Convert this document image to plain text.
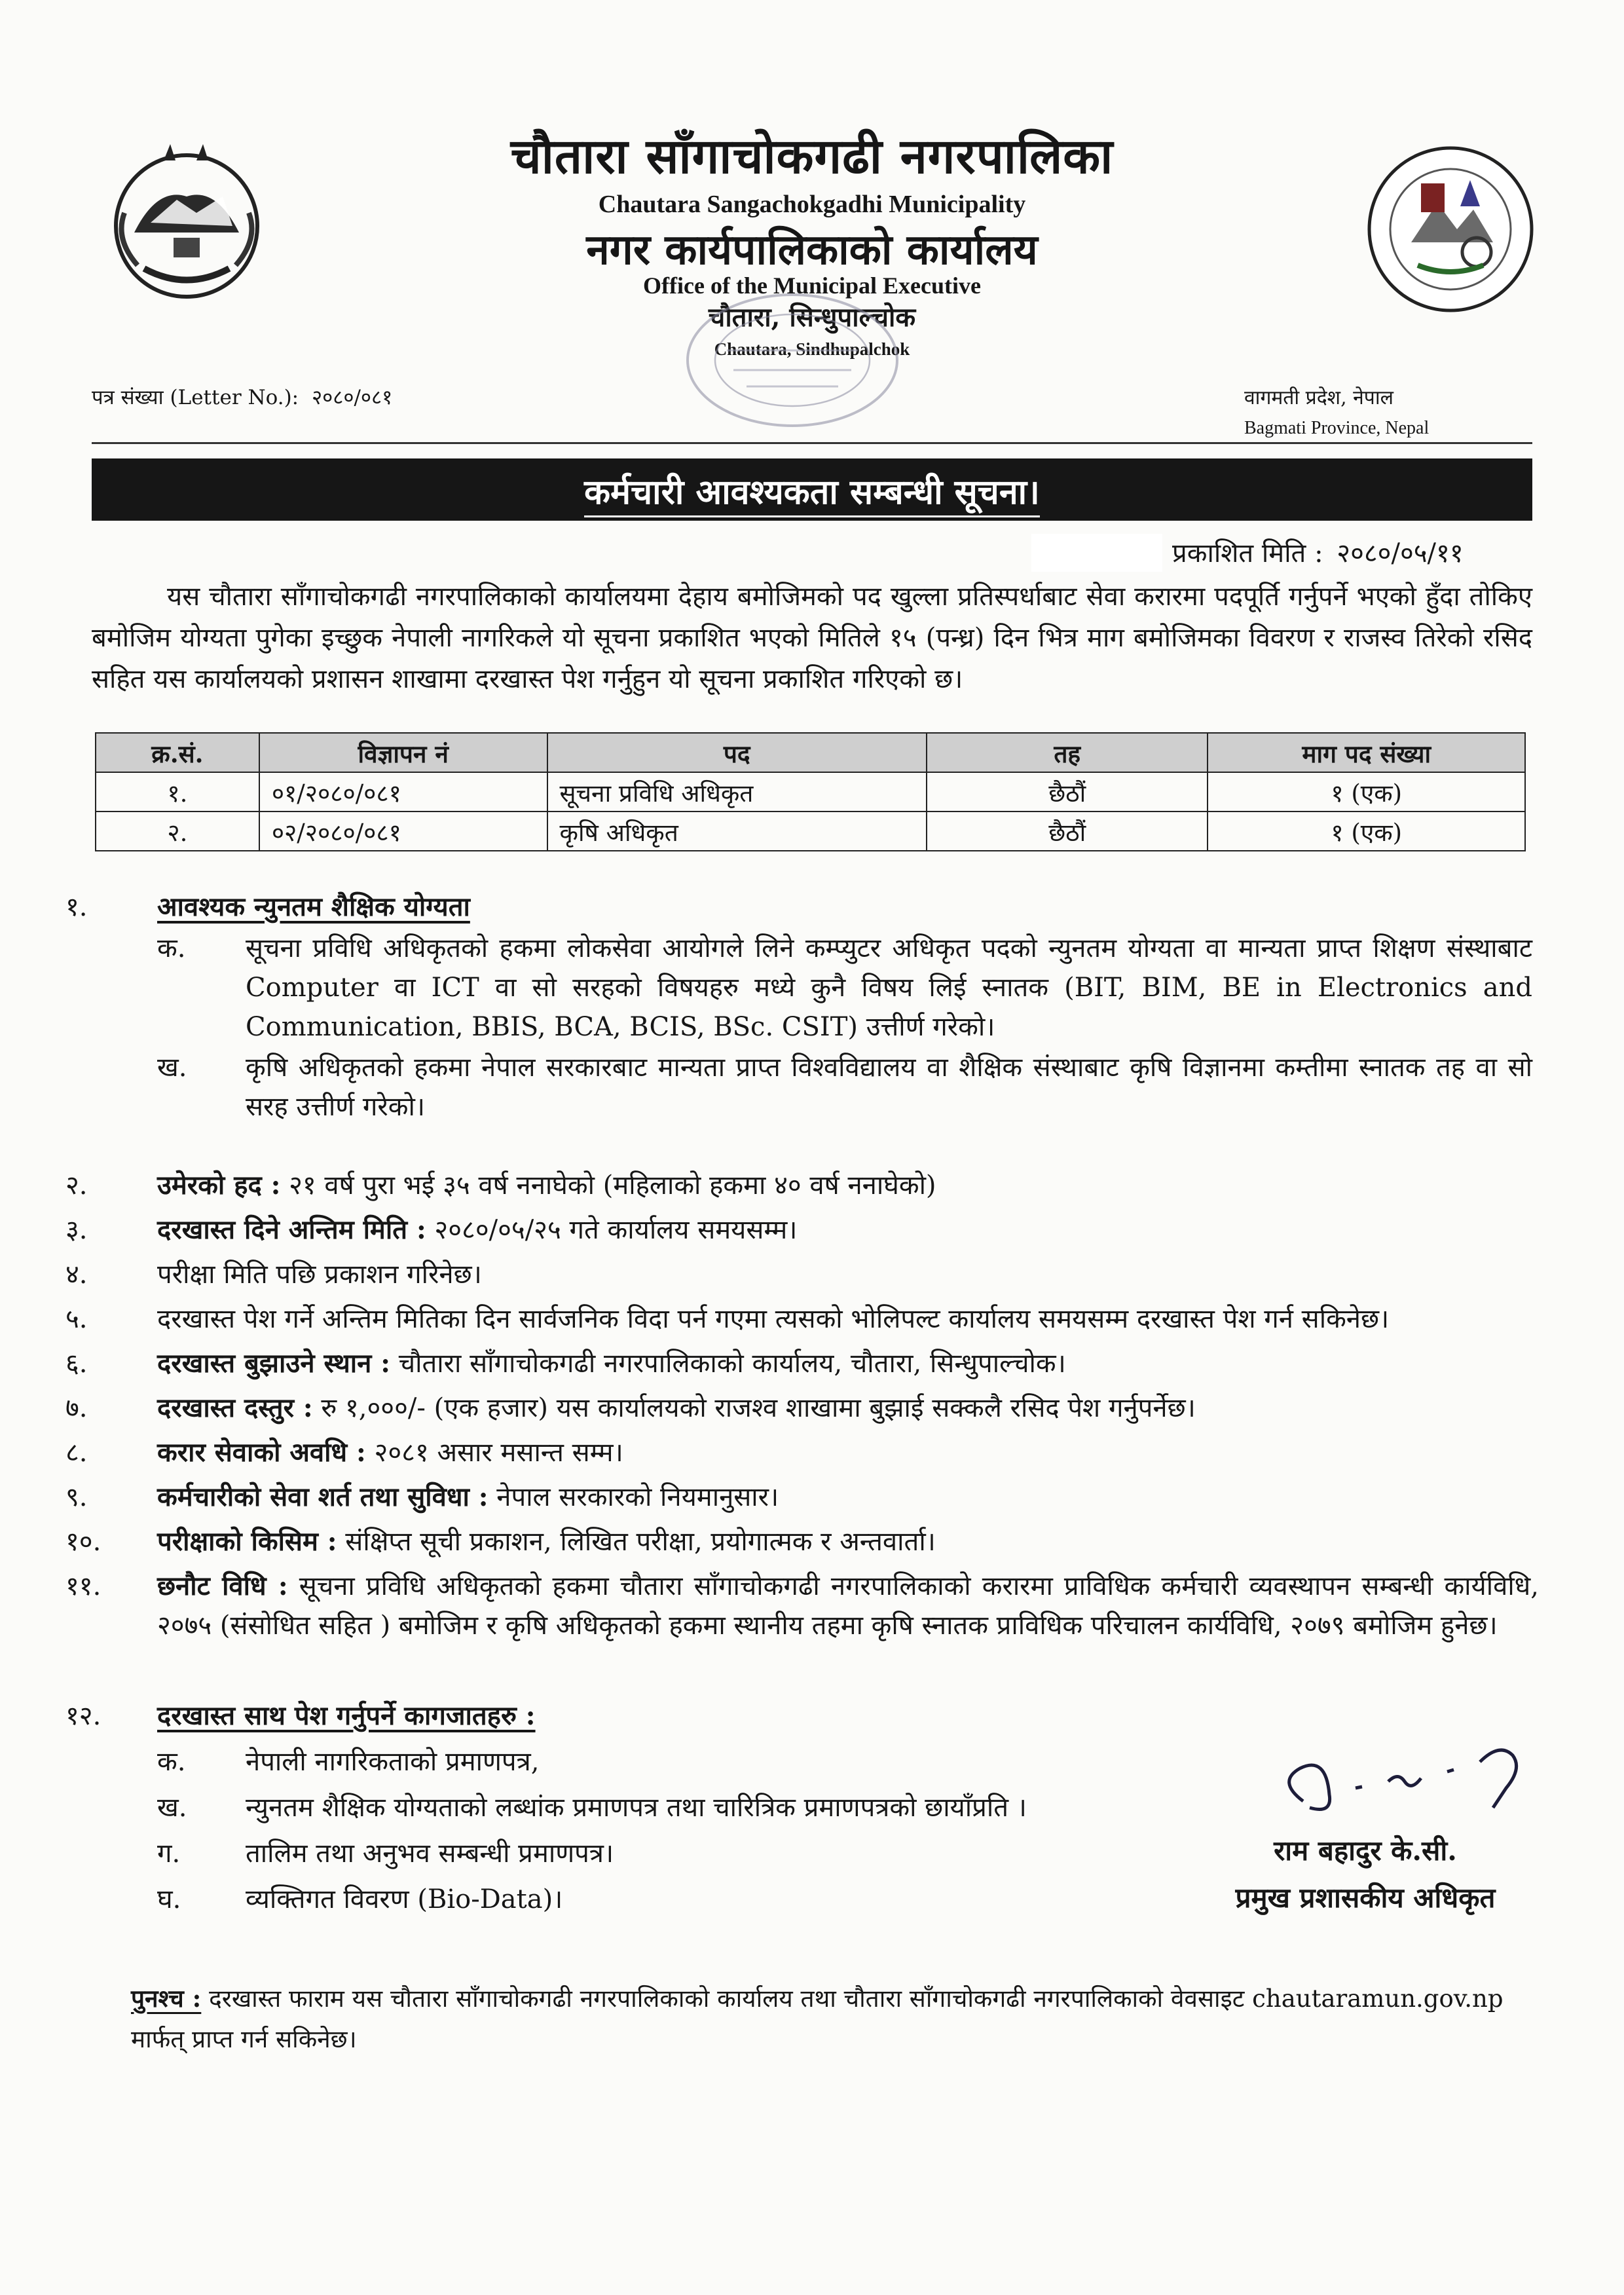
चौतारा साँगाचोकगढी नगरपालिका
Chautara Sangachokgadhi Municipality
नगर कार्यपालिकाको कार्यालय
Office of the Municipal Executive
चौतारा, सिन्धुपाल्चोक
Chautara, Sindhupalchok
पत्र संख्या (Letter No.): २०८०/०८१	वागमती प्रदेश, नेपाल
Bagmati Province, Nepal
कर्मचारी आवश्यकता सम्बन्धी सूचना।
प्रकाशित मिति : २०८०/०५/११
यस चौतारा साँगाचोकगढी नगरपालिकाको कार्यालयमा देहाय बमोजिमको पद खुल्ला प्रतिस्पर्धाबाट सेवा करारमा पदपूर्ति गर्नुपर्ने भएको हुँदा तोकिए बमोजिम योग्यता पुगेका इच्छुक नेपाली नागरिकले यो सूचना प्रकाशित भएको मितिले १५ (पन्ध्र) दिन भित्र माग बमोजिमका विवरण र राजस्व तिरेको रसिद सहित यस कार्यालयको प्रशासन शाखामा दरखास्त पेश गर्नुहुन यो सूचना प्रकाशित गरिएको छ।
क्र.सं.	विज्ञापन नं	पद	तह	माग पद संख्या
१.	०१/२०८०/०८१	सूचना प्रविधि अधिकृत	छैठौं	१ (एक)
२.	०२/२०८०/०८१	कृषि अधिकृत	छैठौं	१ (एक)
१.	आवश्यक न्युनतम शैक्षिक योग्यता
क.	सूचना प्रविधि अधिकृतको हकमा लोकसेवा आयोगले लिने कम्प्युटर अधिकृत पदको न्युनतम योग्यता वा मान्यता प्राप्त शिक्षण संस्थाबाट Computer वा ICT वा सो सरहको विषयहरु मध्ये कुनै विषय लिई स्नातक (BIT, BIM, BE in Electronics and Communication, BBIS, BCA, BCIS, BSc. CSIT) उत्तीर्ण गरेको।
ख.	कृषि अधिकृतको हकमा नेपाल सरकारबाट मान्यता प्राप्त विश्वविद्यालय वा शैक्षिक संस्थाबाट कृषि विज्ञानमा कम्तीमा स्नातक तह वा सो सरह उत्तीर्ण गरेको।
२.	उमेरको हद : २१ वर्ष पुरा भई ३५ वर्ष ननाघेको (महिलाको हकमा ४० वर्ष ननाघेको)
३.	दरखास्त दिने अन्तिम मिति : २०८०/०५/२५ गते कार्यालय समयसम्म।
४.	परीक्षा मिति पछि प्रकाशन गरिनेछ।
५.	दरखास्त पेश गर्ने अन्तिम मितिका दिन सार्वजनिक विदा पर्न गएमा त्यसको भोलिपल्ट कार्यालय समयसम्म दरखास्त पेश गर्न सकिनेछ।
६.	दरखास्त बुझाउने स्थान : चौतारा साँगाचोकगढी नगरपालिकाको कार्यालय, चौतारा, सिन्धुपाल्चोक।
७.	दरखास्त दस्तुर : रु १,०००/- (एक हजार) यस कार्यालयको राजश्व शाखामा बुझाई सक्कलै रसिद पेश गर्नुपर्नेछ।
८.	करार सेवाको अवधि : २०८१ असार मसान्त सम्म।
९.	कर्मचारीको सेवा शर्त तथा सुविधा : नेपाल सरकारको नियमानुसार।
१०.	परीक्षाको किसिम : संक्षिप्त सूची प्रकाशन, लिखित परीक्षा, प्रयोगात्मक र अन्तवार्ता।
११.	छनौट विधि : सूचना प्रविधि अधिकृतको हकमा चौतारा साँगाचोकगढी नगरपालिकाको करारमा प्राविधिक कर्मचारी व्यवस्थापन सम्बन्धी कार्यविधि, २०७५ (संसोधित सहित ) बमोजिम र कृषि अधिकृतको हकमा स्थानीय तहमा कृषि स्नातक प्राविधिक परिचालन कार्यविधि, २०७९ बमोजिम हुनेछ।
१२.	दरखास्त साथ पेश गर्नुपर्ने कागजातहरु :
क.	नेपाली नागरिकताको प्रमाणपत्र,
ख.	न्युनतम शैक्षिक योग्यताको लब्धांक प्रमाणपत्र तथा चारित्रिक प्रमाणपत्रको छायाँप्रति ।
ग.	तालिम तथा अनुभव सम्बन्धी प्रमाणपत्र।
घ.	व्यक्तिगत विवरण (Bio-Data)।
राम बहादुर के.सी.
प्रमुख प्रशासकीय अधिकृत
पुनश्च : दरखास्त फाराम यस चौतारा साँगाचोकगढी नगरपालिकाको कार्यालय तथा चौतारा साँगाचोकगढी नगरपालिकाको वेवसाइट chautaramun.gov.np मार्फत् प्राप्त गर्न सकिनेछ।
